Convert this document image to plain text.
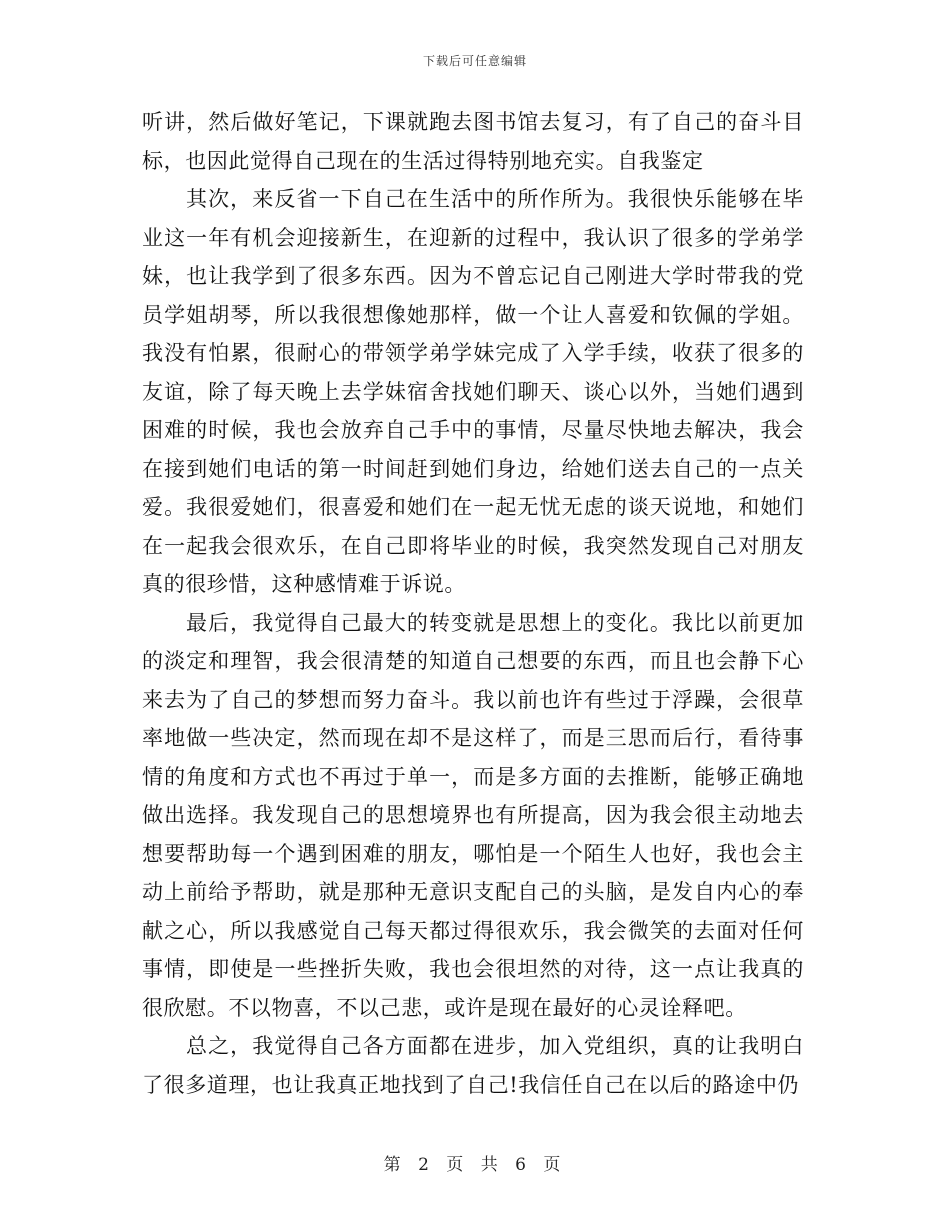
下载后可任意编辑

听讲，然后做好笔记，下课就跑去图书馆去复习，有了自己的奋斗目标，也因此觉得自己现在的生活过得特别地充实。自我鉴定

其次，来反省一下自己在生活中的所作所为。我很快乐能够在毕业这一年有机会迎接新生，在迎新的过程中，我认识了很多的学弟学妹，也让我学到了很多东西。因为不曾忘记自己刚进大学时带我的党员学姐胡琴，所以我很想像她那样，做一个让人喜爱和钦佩的学姐。我没有怕累，很耐心的带领学弟学妹完成了入学手续，收获了很多的友谊，除了每天晚上去学妹宿舍找她们聊天、谈心以外，当她们遇到困难的时候，我也会放弃自己手中的事情，尽量尽快地去解决，我会在接到她们电话的第一时间赶到她们身边，给她们送去自己的一点关爱。我很爱她们，很喜爱和她们在一起无忧无虑的谈天说地，和她们在一起我会很欢乐，在自己即将毕业的时候，我突然发现自己对朋友真的很珍惜，这种感情难于诉说。

最后，我觉得自己最大的转变就是思想上的变化。我比以前更加的淡定和理智，我会很清楚的知道自己想要的东西，而且也会静下心来去为了自己的梦想而努力奋斗。我以前也许有些过于浮躁，会很草率地做一些决定，然而现在却不是这样了，而是三思而后行，看待事情的角度和方式也不再过于单一，而是多方面的去推断，能够正确地做出选择。我发现自己的思想境界也有所提高，因为我会很主动地去想要帮助每一个遇到困难的朋友，哪怕是一个陌生人也好，我也会主动上前给予帮助，就是那种无意识支配自己的头脑，是发自内心的奉献之心，所以我感觉自己每天都过得很欢乐，我会微笑的去面对任何事情，即使是一些挫折失败，我也会很坦然的对待，这一点让我真的很欣慰。不以物喜，不以己悲，或许是现在最好的心灵诠释吧。

总之，我觉得自己各方面都在进步，加入党组织，真的让我明白了很多道理，也让我真正地找到了自己!我信任自己在以后的路途中仍

第 2 页 共 6 页
